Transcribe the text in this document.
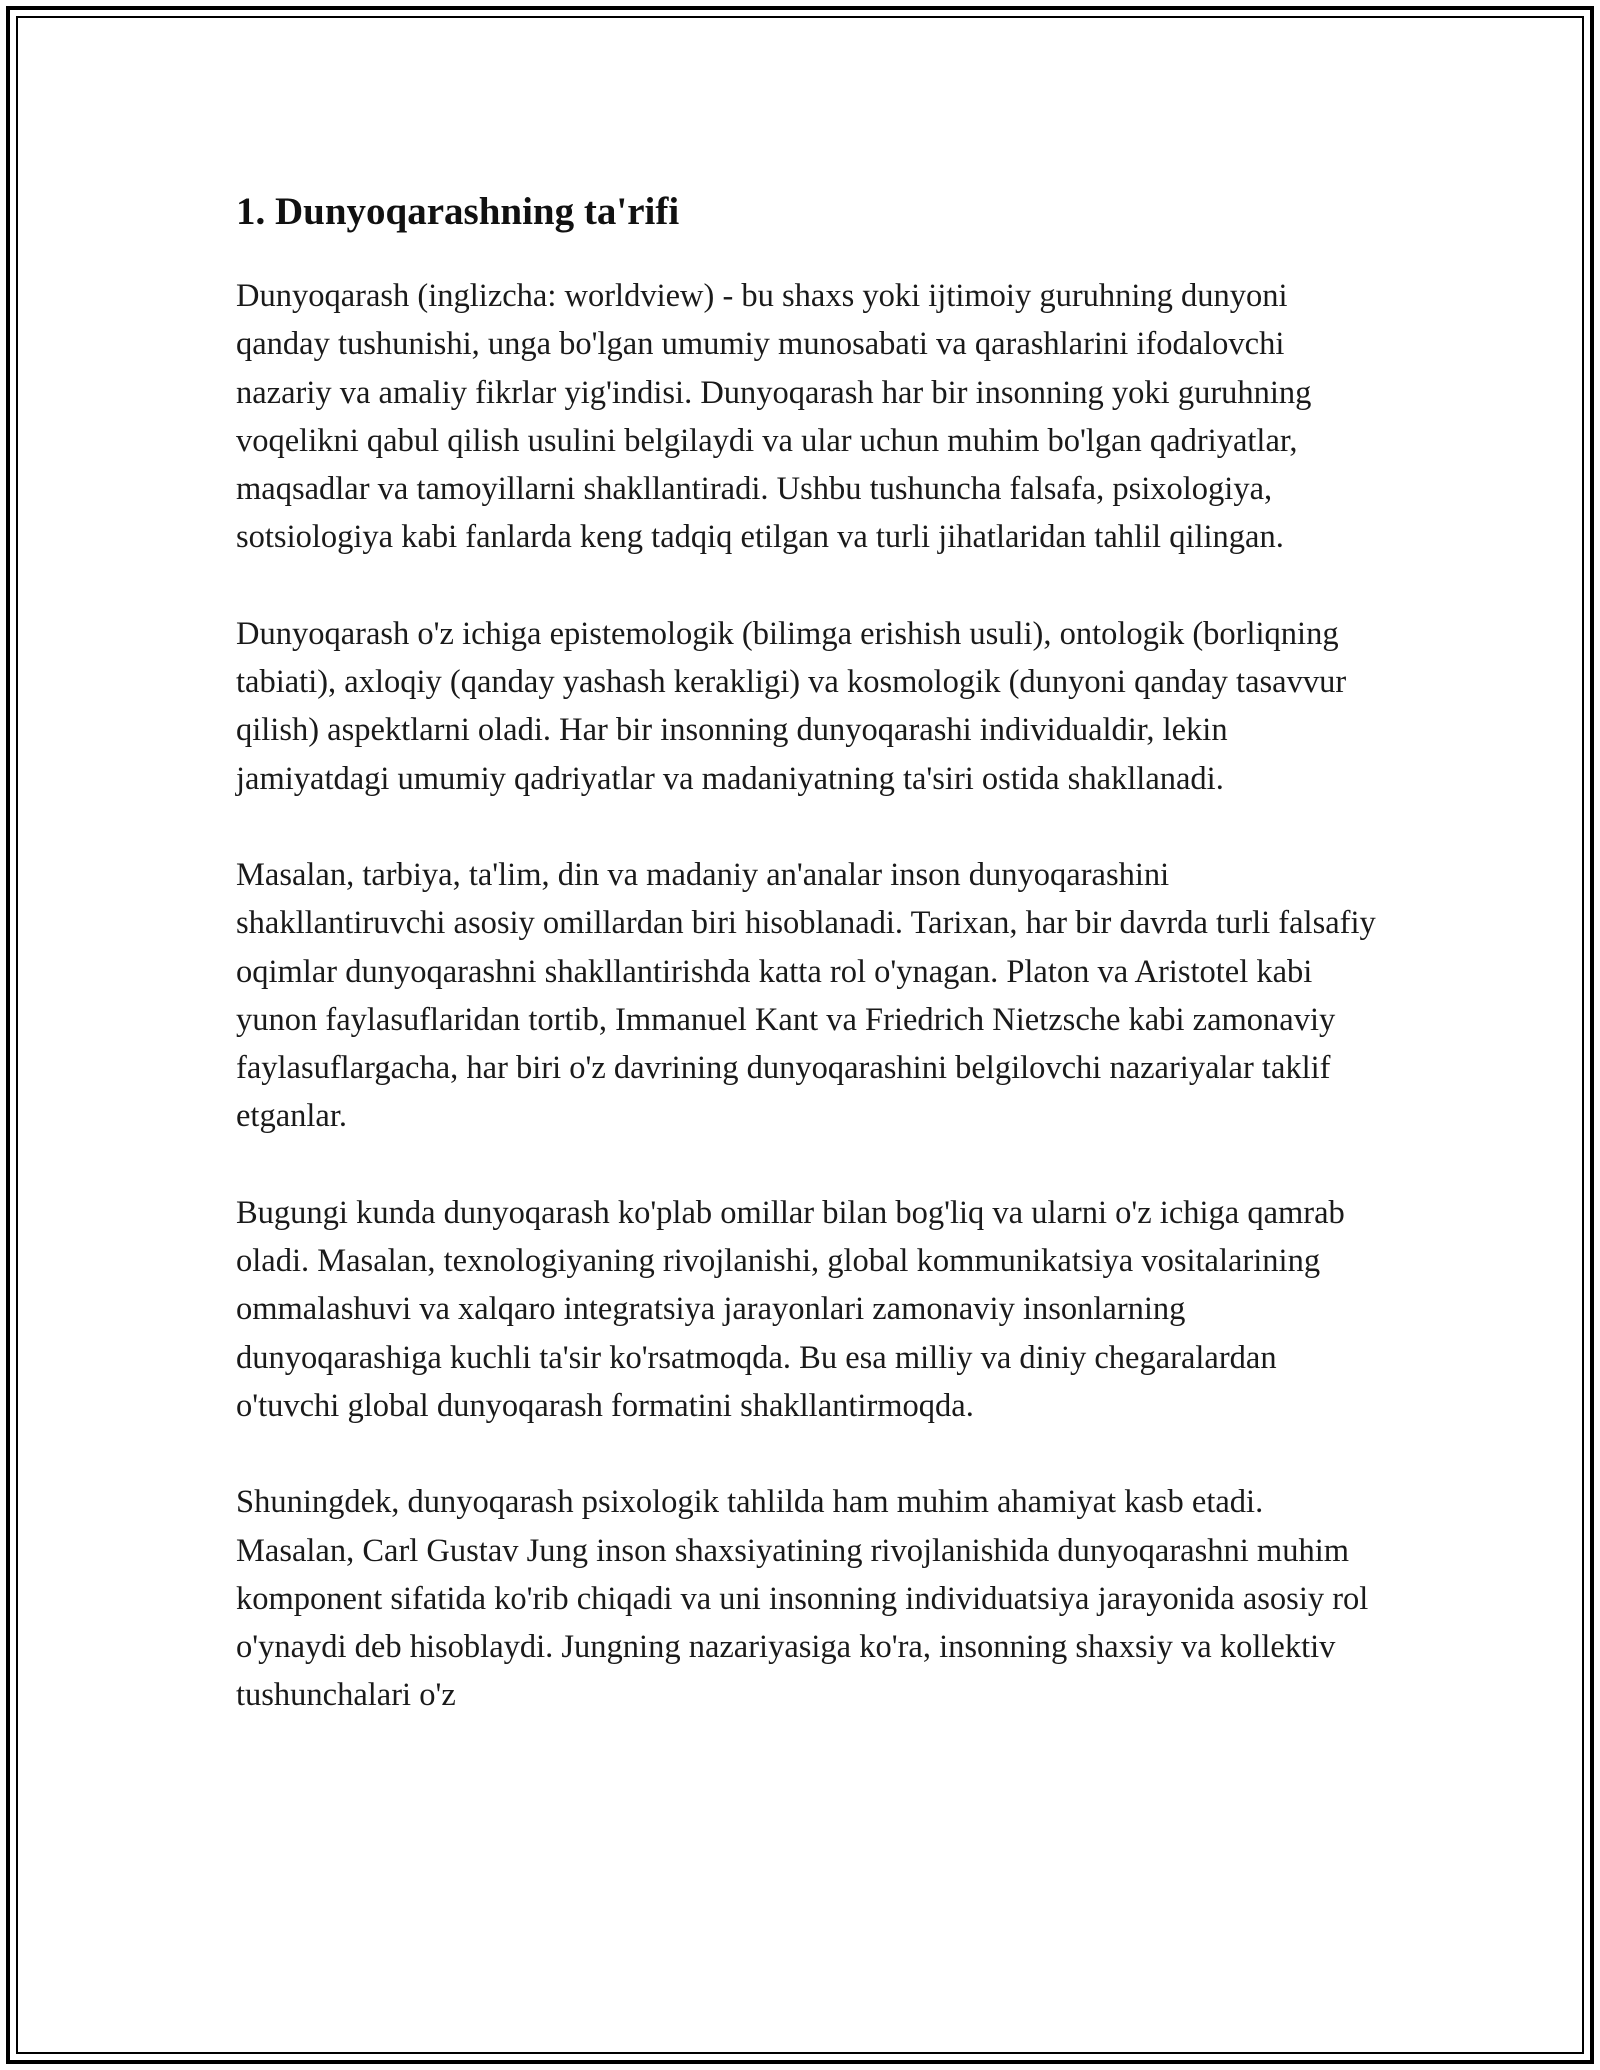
1. Dunyoqarashning ta'rifi

Dunyoqarash (inglizcha: worldview) - bu shaxs yoki ijtimoiy guruhning dunyoni qanday tushunishi, unga bo'lgan umumiy munosabati va qarashlarini ifodalovchi nazariy va amaliy fikrlar yig'indisi. Dunyoqarash har bir insonning yoki guruhning voqelikni qabul qilish usulini belgilaydi va ular uchun muhim bo'lgan qadriyatlar, maqsadlar va tamoyillarni shakllantiradi. Ushbu tushuncha falsafa, psixologiya, sotsiologiya kabi fanlarda keng tadqiq etilgan va turli jihatlaridan tahlil qilingan.

Dunyoqarash o'z ichiga epistemologik (bilimga erishish usuli), ontologik (borliqning tabiati), axloqiy (qanday yashash kerakligi) va kosmologik (dunyoni qanday tasavvur qilish) aspektlarni oladi. Har bir insonning dunyoqarashi individualdir, lekin jamiyatdagi umumiy qadriyatlar va madaniyatning ta'siri ostida shakllanadi.

Masalan, tarbiya, ta'lim, din va madaniy an'analar inson dunyoqarashini shakllantiruvchi asosiy omillardan biri hisoblanadi. Tarixan, har bir davrda turli falsafiy oqimlar dunyoqarashni shakllantirishda katta rol o'ynagan. Platon va Aristotel kabi yunon faylasuflaridan tortib, Immanuel Kant va Friedrich Nietzsche kabi zamonaviy faylasuflargacha, har biri o'z davrining dunyoqarashini belgilovchi nazariyalar taklif etganlar.

Bugungi kunda dunyoqarash ko'plab omillar bilan bog'liq va ularni o'z ichiga qamrab oladi. Masalan, texnologiyaning rivojlanishi, global kommunikatsiya vositalarining ommalashuvi va xalqaro integratsiya jarayonlari zamonaviy insonlarning dunyoqarashiga kuchli ta'sir ko'rsatmoqda. Bu esa milliy va diniy chegaralardan o'tuvchi global dunyoqarash formatini shakllantirmoqda.

Shuningdek, dunyoqarash psixologik tahlilda ham muhim ahamiyat kasb etadi. Masalan, Carl Gustav Jung inson shaxsiyatining rivojlanishida dunyoqarashni muhim komponent sifatida ko'rib chiqadi va uni insonning individuatsiya jarayonida asosiy rol o'ynaydi deb hisoblaydi. Jungning nazariyasiga ko'ra, insonning shaxsiy va kollektiv tushunchalari o'z
